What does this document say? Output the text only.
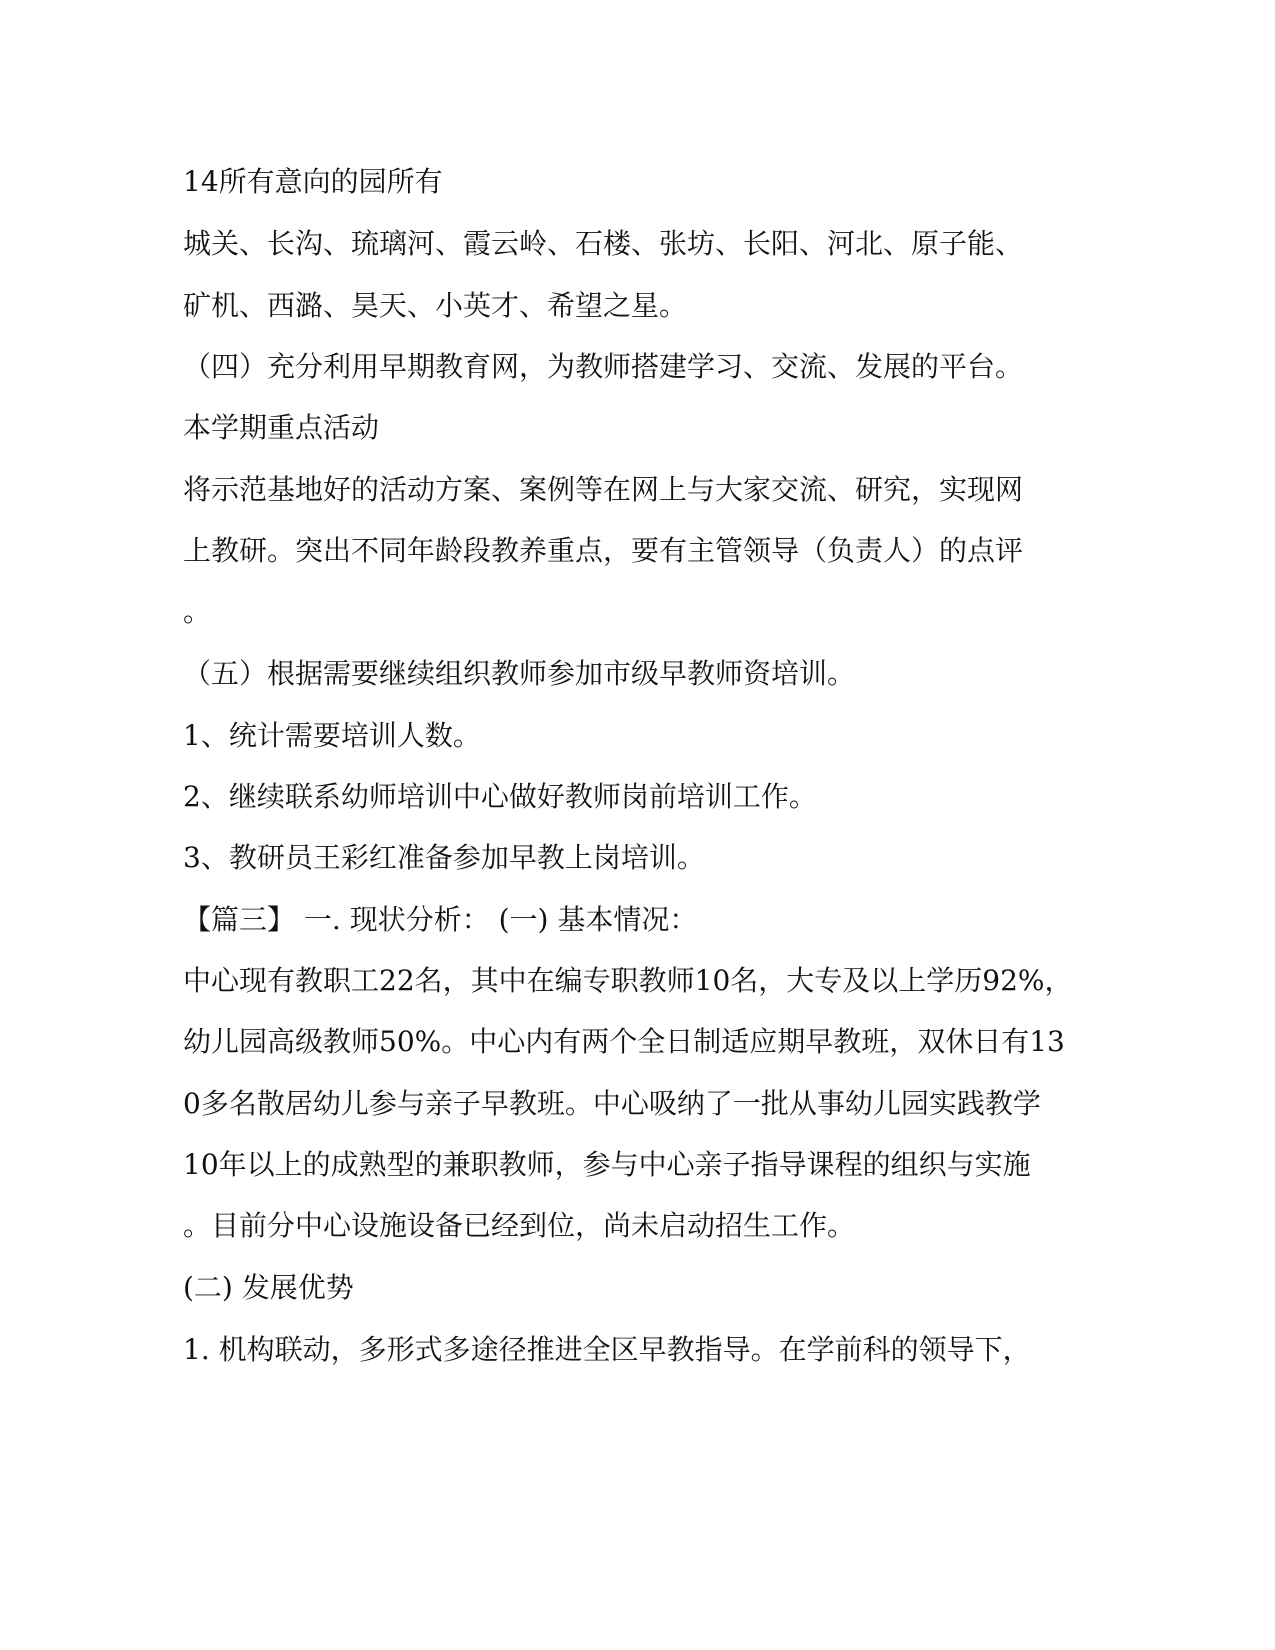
14所有意向的园所有
城关、长沟、琉璃河、霞云岭、石楼、张坊、长阳、河北、原子能、
矿机、西潞、昊天、小英才、希望之星。
（四）充分利用早期教育网，为教师搭建学习、交流、发展的平台。
本学期重点活动
将示范基地好的活动方案、案例等在网上与大家交流、研究，实现网
上教研。突出不同年龄段教养重点，要有主管领导（负责人）的点评
。
（五）根据需要继续组织教师参加市级早教师资培训。
1、统计需要培训人数。
2、继续联系幼师培训中心做好教师岗前培训工作。
3、教研员王彩红准备参加早教上岗培训。
【篇三】 一. 现状分析： (一) 基本情况：
中心现有教职工22名，其中在编专职教师10名，大专及以上学历92%，
幼儿园高级教师50%。中心内有两个全日制适应期早教班，双休日有13
0多名散居幼儿参与亲子早教班。中心吸纳了一批从事幼儿园实践教学
10年以上的成熟型的兼职教师，参与中心亲子指导课程的组织与实施
。目前分中心设施设备已经到位，尚未启动招生工作。
(二) 发展优势
1. 机构联动，多形式多途径推进全区早教指导。在学前科的领导下，
